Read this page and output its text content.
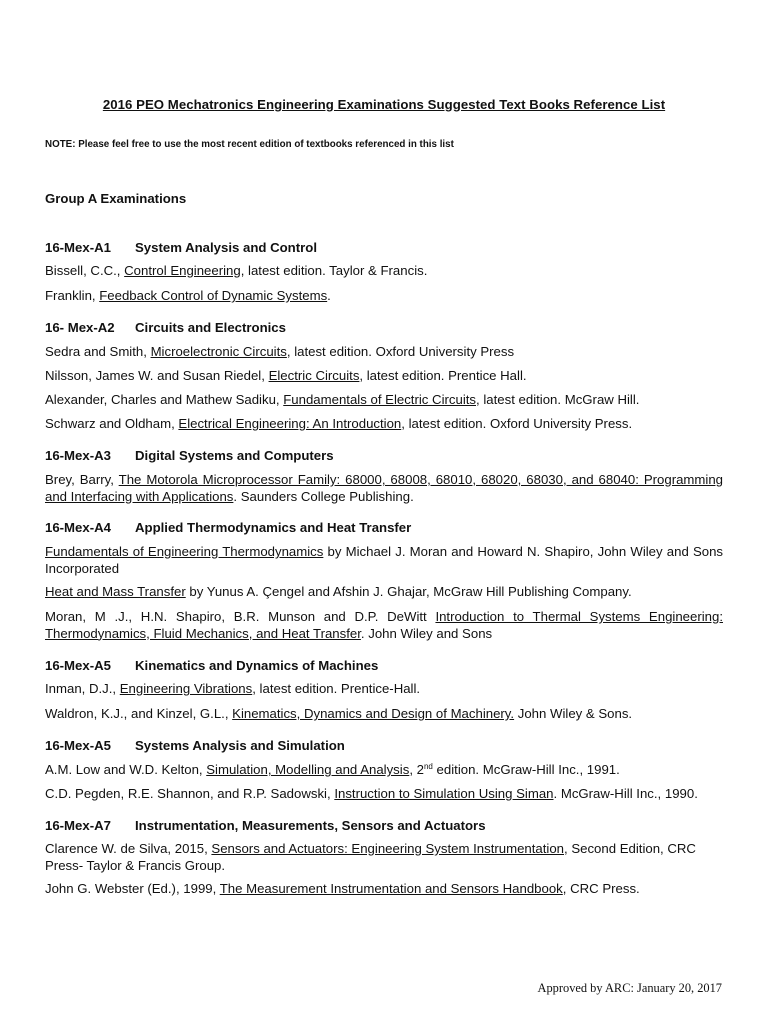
2016 PEO Mechatronics Engineering Examinations Suggested Text Books Reference List
NOTE: Please feel free to use the most recent edition of textbooks referenced in this list
Group A Examinations
16-Mex-A1 System Analysis and Control
Bissell, C.C., Control Engineering, latest edition. Taylor & Francis.
Franklin, Feedback Control of Dynamic Systems.
16- Mex-A2 Circuits and Electronics
Sedra and Smith, Microelectronic Circuits, latest edition. Oxford University Press
Nilsson, James W. and Susan Riedel, Electric Circuits, latest edition. Prentice Hall.
Alexander, Charles and Mathew Sadiku, Fundamentals of Electric Circuits, latest edition. McGraw Hill.
Schwarz and Oldham, Electrical Engineering: An Introduction, latest edition. Oxford University Press.
16-Mex-A3 Digital Systems and Computers
Brey, Barry, The Motorola Microprocessor Family: 68000, 68008, 68010, 68020, 68030, and 68040: Programming and Interfacing with Applications. Saunders College Publishing.
16-Mex-A4 Applied Thermodynamics and Heat Transfer
Fundamentals of Engineering Thermodynamics by Michael J. Moran and Howard N. Shapiro, John Wiley and Sons Incorporated
Heat and Mass Transfer by Yunus A. Çengel and Afshin J. Ghajar, McGraw Hill Publishing Company.
Moran, M .J., H.N. Shapiro, B.R. Munson and D.P. DeWitt Introduction to Thermal Systems Engineering: Thermodynamics, Fluid Mechanics, and Heat Transfer. John Wiley and Sons
16-Mex-A5 Kinematics and Dynamics of Machines
Inman, D.J., Engineering Vibrations, latest edition. Prentice-Hall.
Waldron, K.J., and Kinzel, G.L., Kinematics, Dynamics and Design of Machinery. John Wiley & Sons.
16-Mex-A5 Systems Analysis and Simulation
A.M. Low and W.D. Kelton, Simulation, Modelling and Analysis, 2nd edition. McGraw-Hill Inc., 1991.
C.D. Pegden, R.E. Shannon, and R.P. Sadowski, Instruction to Simulation Using Siman. McGraw-Hill Inc., 1990.
16-Mex-A7 Instrumentation, Measurements, Sensors and Actuators
Clarence W. de Silva, 2015, Sensors and Actuators: Engineering System Instrumentation, Second Edition, CRC Press- Taylor & Francis Group.
John G. Webster (Ed.), 1999, The Measurement Instrumentation and Sensors Handbook, CRC Press.
Approved by ARC: January 20, 2017
